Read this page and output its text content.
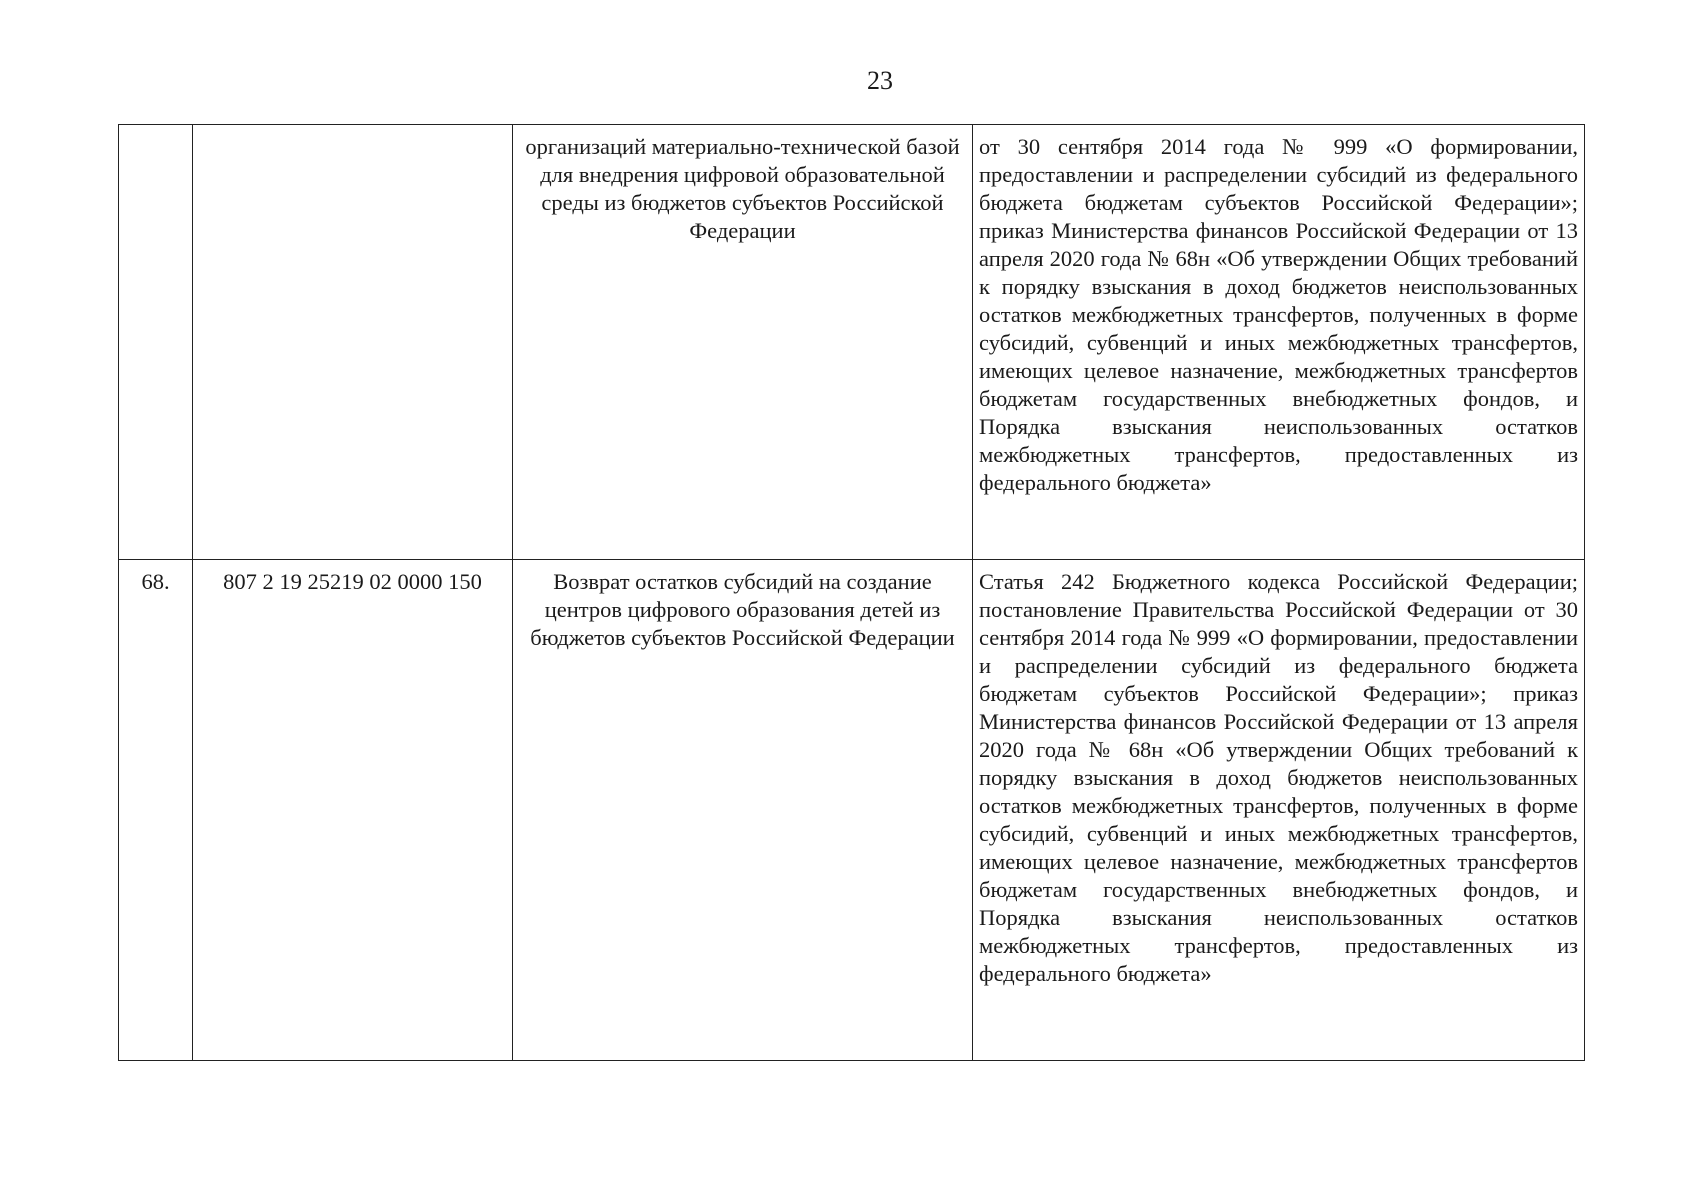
23
		организаций материально-технической базой для внедрения цифровой образовательной среды из бюджетов субъектов Российской Федерации	от 30 сентября 2014 года № 999 «О формировании, предоставлении и распределении субсидий из федерального бюджета бюджетам субъектов Российской Федерации»; приказ Министерства финансов Российской Федерации от 13 апреля 2020 года № 68н «Об утверждении Общих требований к порядку взыскания в доход бюджетов неиспользованных остатков межбюджетных трансфертов, полученных в форме субсидий, субвенций и иных межбюджетных трансфертов, имеющих целевое назначение, межбюджетных трансфертов бюджетам государственных внебюджетных фондов, и Порядка взыскания неиспользованных остатков межбюджетных трансфертов, предоставленных из федерального бюджета»
68.	807 2 19 25219 02 0000 150	Возврат остатков субсидий на создание центров цифрового образования детей из бюджетов субъектов Российской Федерации	Статья 242 Бюджетного кодекса Российской Федерации; постановление Правительства Российской Федерации от 30 сентября 2014 года № 999 «О формировании, предоставлении и распределении субсидий из федерального бюджета бюджетам субъектов Российской Федерации»; приказ Министерства финансов Российской Федерации от 13 апреля 2020 года № 68н «Об утверждении Общих требований к порядку взыскания в доход бюджетов неиспользованных остатков межбюджетных трансфертов, полученных в форме субсидий, субвенций и иных межбюджетных трансфертов, имеющих целевое назначение, межбюджетных трансфертов бюджетам государственных внебюджетных фондов, и Порядка взыскания неиспользованных остатков межбюджетных трансфертов, предоставленных из федерального бюджета»
